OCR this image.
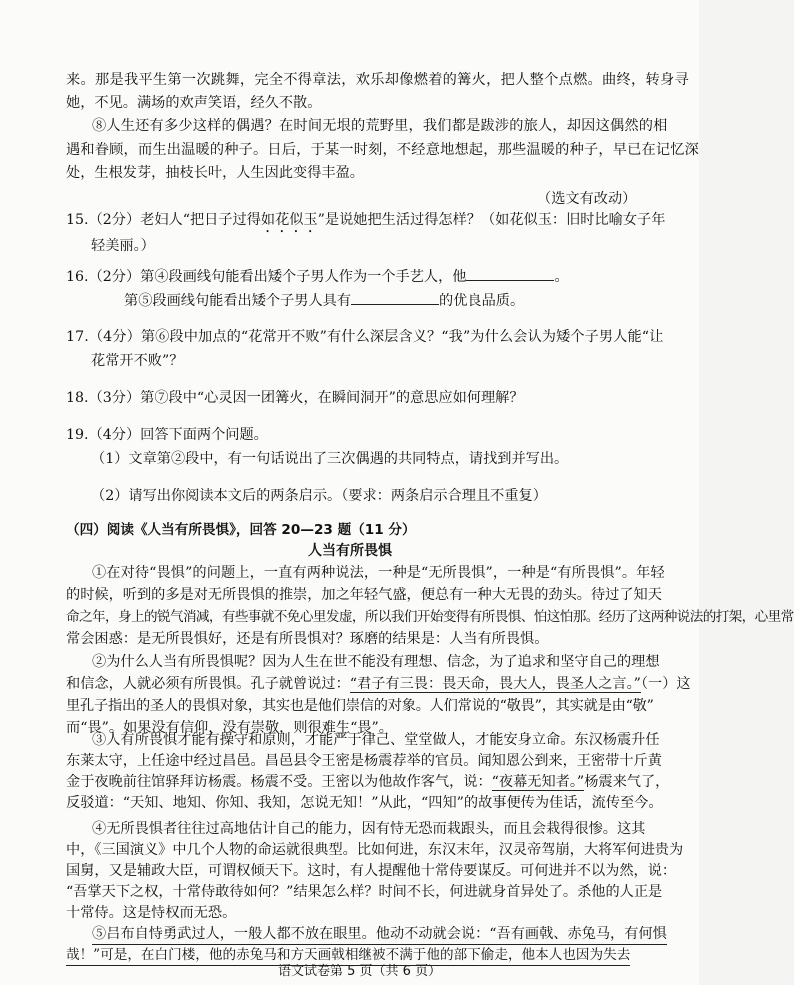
来。那是我平生第一次跳舞，完全不得章法，欢乐却像燃着的篝火，把人整个点燃。曲终，转身寻
她，不见。满场的欢声笑语，经久不散。
⑧人生还有多少这样的偶遇？在时间无垠的荒野里，我们都是跋涉的旅人，却因这偶然的相
遇和眷顾，而生出温暖的种子。日后，于某一时刻，不经意地想起，那些温暖的种子，早已在记忆深
处，生根发芽，抽枝长叶，人生因此变得丰盈。
（选文有改动）
15.（2分）老妇人“把日子过得如花似玉”是说她把生活过得怎样？（如花似玉：旧时比喻女子年
轻美丽。）
16.（2分）第④段画线句能看出矮个子男人作为一个手艺人，他	。
第⑤段画线句能看出矮个子男人具有	的优良品质。
17.（4分）第⑥段中加点的“花常开不败”有什么深层含义？“我”为什么会认为矮个子男人能“让
花常开不败”？
18.（3分）第⑦段中“心灵因一团篝火，在瞬间洞开”的意思应如何理解？
19.（4分）回答下面两个问题。
（1）文章第②段中，有一句话说出了三次偶遇的共同特点，请找到并写出。
（2）请写出你阅读本文后的两条启示。（要求：两条启示合理且不重复）
（四）阅读《人当有所畏惧》，回答 20—23 题（11 分）
人当有所畏惧
①在对待“畏惧”的问题上，一直有两种说法，一种是“无所畏惧”，一种是“有所畏惧”。年轻
的时候，听到的多是对无所畏惧的推崇，加之年轻气盛，便总有一种大无畏的劲头。待过了知天
命之年，身上的锐气消减，有些事就不免心里发虚，所以我们开始变得有所畏惧、怕这怕那。经历了这两种说法的打架，心里常
常会困惑：是无所畏惧好，还是有所畏惧对？琢磨的结果是：人当有所畏惧。
②为什么人当有所畏惧呢？因为人生在世不能没有理想、信念，为了追求和坚守自己的理想
和信念，人就必须有所畏惧。孔子就曾说过：“君子有三畏：畏天命，畏大人，畏圣人之言。”（一）这
里孔子指出的圣人的畏惧对象，其实也是他们崇信的对象。人们常说的“敬畏”，其实就是由“敬”
而“畏”。如果没有信仰，没有崇敬，则很难生“畏”。
③人有所畏惧才能有操守和原则，才能严于律己、堂堂做人，才能安身立命。东汉杨震升任
东莱太守，上任途中经过昌邑。昌邑县令王密是杨震荐举的官员。闻知恩公到来，王密带十斤黄
金于夜晚前往馆驿拜访杨震。杨震不受。王密以为他故作客气，说：“夜幕无知者。”杨震来气了，
反驳道：“天知、地知、你知、我知，怎说无知！”从此，“四知”的故事便传为佳话，流传至今。
语文试卷第 5 页（共 6 页）
④无所畏惧者往往过高地估计自己的能力，因有恃无恐而栽跟头，而且会栽得很惨。这其
中，《三国演义》中几个人物的命运就很典型。比如何进，东汉末年，汉灵帝驾崩，大将军何进贵为
国舅，又是辅政大臣，可谓权倾天下。这时，有人提醒他十常侍要谋反。可何进并不以为然，说：
“吾掌天下之权，十常侍敢待如何？”结果怎么样？时间不长，何进就身首异处了。杀他的人正是
十常侍。这是恃权而无恐。
⑤吕布自恃勇武过人，一般人都不放在眼里。他动不动就会说：“吾有画戟、赤兔马，有何惧
哉！”可是，在白门楼，他的赤兔马和方天画戟相继被不满于他的部下偷走，他本人也因为失去
